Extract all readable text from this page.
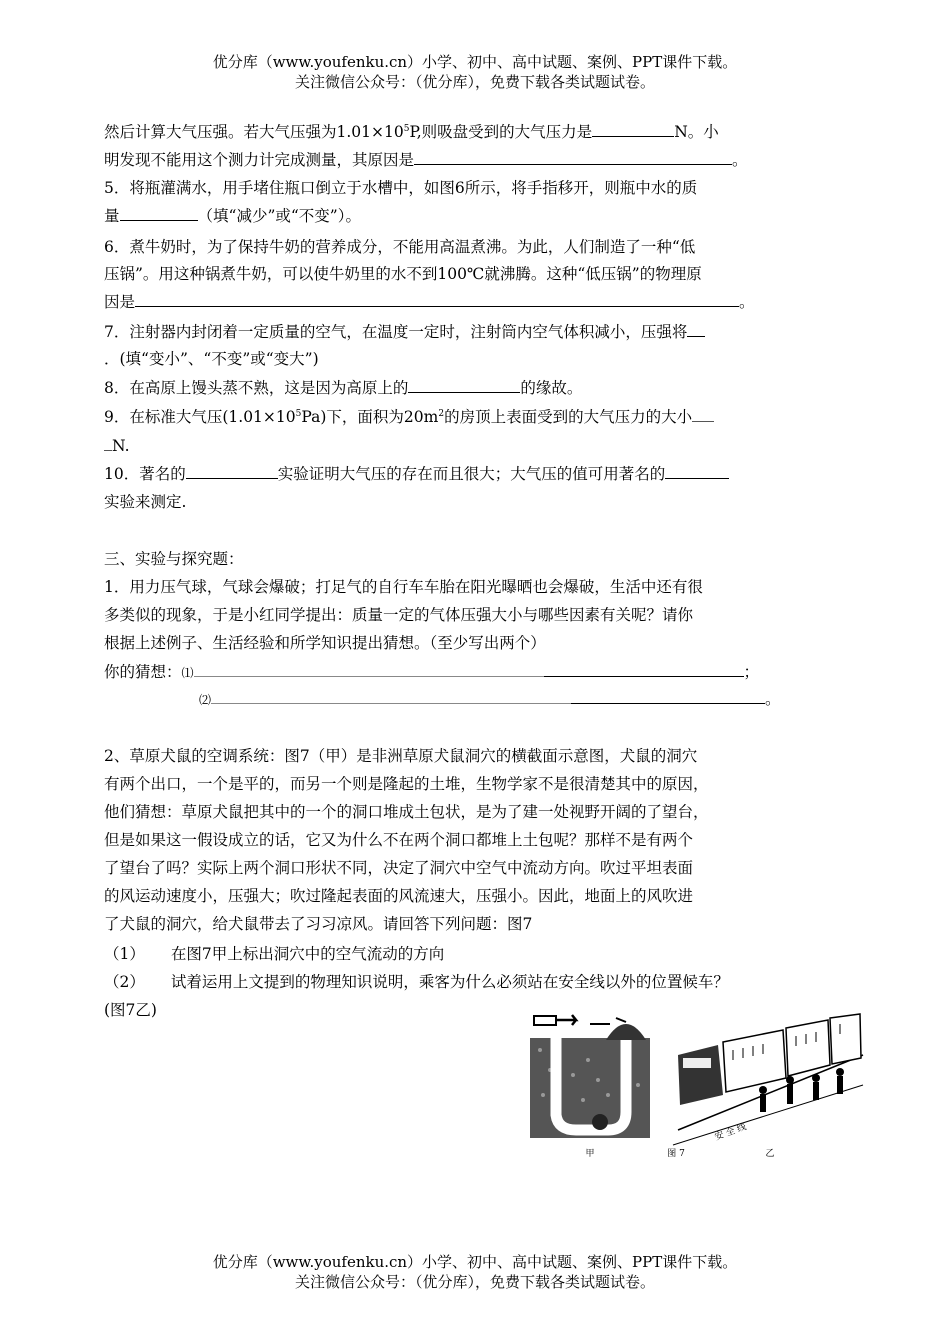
优分库（www.youfenku.cn）小学、初中、高中试题、案例、PPT课件下载。
关注微信公众号：（优分库），免费下载各类试题试卷。
然后计算大气压强。若大气压强为$1.01\times 10^5P$,则吸盘受到的大气压力是	N。小
明发现不能用这个测力计完成测量，其原因是	。
5．将瓶灌满水，用手堵住瓶口倒立于水槽中，如图6所示，将手指移开，则瓶中水的质
量	（填“减少”或“不变”）。
6．煮牛奶时，为了保持牛奶的营养成分，不能用高温煮沸。为此，人们制造了一种“低
压锅”。用这种锅煮牛奶，可以使牛奶里的水不到100℃就沸腾。这种“低压锅”的物理原
因是	。
7．注射器内封闭着一定质量的空气，在温度一定时，注射筒内空气体积减小，压强将
．(填“变小”、“不变”或“变大”)
8．在高原上馒头蒸不熟，这是因为高原上的	的缘故。
9．在标准大气压$(1.01\times 10^5Pa)$下，面积为$20m^2$的房顶上表面受到的大气压力的大小
N.
10．著名的	实验证明大气压的存在而且很大；大气压的值可用著名的
实验来测定.
三、实验与探究题：
1．用力压气球，气球会爆破；打足气的自行车车胎在阳光曝晒也会爆破，生活中还有很
多类似的现象，于是小红同学提出：质量一定的气体压强大小与哪些因素有关呢？请你
根据上述例子、生活经验和所学知识提出猜想。（至少写出两个）
你的猜想：⑴	；
⑵	。
2、草原犬鼠的空调系统：图7（甲）是非洲草原犬鼠洞穴的横截面示意图，犬鼠的洞穴
有两个出口，一个是平的，而另一个则是隆起的土堆，生物学家不是很清楚其中的原因，
他们猜想：草原犬鼠把其中的一个的洞口堆成土包状，是为了建一处视野开阔的了望台，
但是如果这一假设成立的话，它又为什么不在两个洞口都堆上土包呢？那样不是有两个
了望台了吗？实际上两个洞口形状不同，决定了洞穴中空气中流动方向。吹过平坦表面
的风运动速度小，压强大；吹过隆起表面的风流速大，压强小。因此，地面上的风吹进
了犬鼠的洞穴，给犬鼠带去了习习凉风。请回答下列问题：图7
（1） 在图7甲上标出洞穴中的空气流动的方向
（2） 试着运用上文提到的物理知识说明，乘客为什么必须站在安全线以外的位置候车？
(图7乙)
甲	图 7	乙
安 全 线
优分库（www.youfenku.cn）小学、初中、高中试题、案例、PPT课件下载。
关注微信公众号：（优分库），免费下载各类试题试卷。
